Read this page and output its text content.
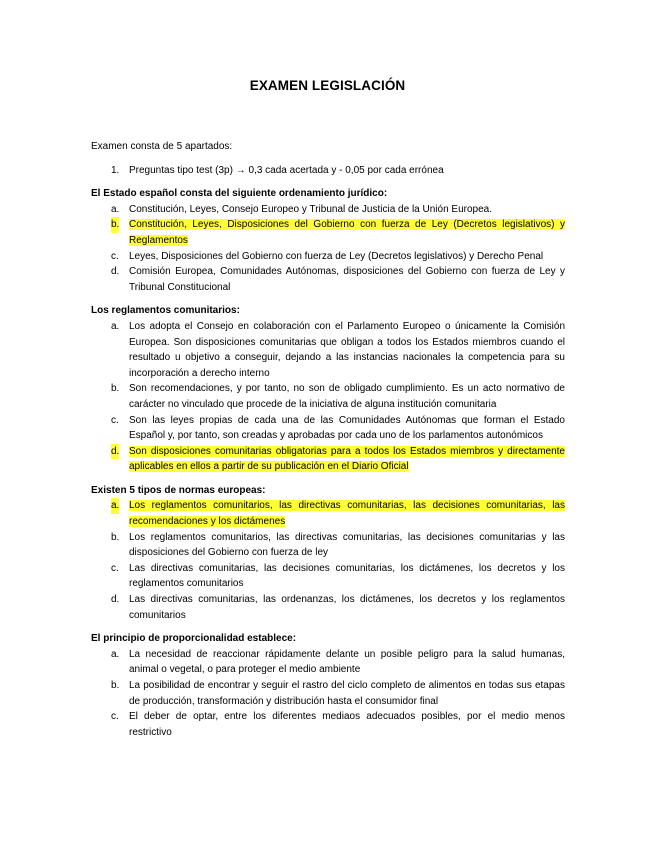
EXAMEN LEGISLACIÓN

Examen consta de 5 apartados:

1. Preguntas tipo test (3p) → 0,3 cada acertada y - 0,05 por cada errónea

El Estado español consta del siguiente ordenamiento jurídico:

a. Constitución, Leyes, Consejo Europeo y Tribunal de Justicia de la Unión Europea.
b. Constitución, Leyes, Disposiciones del Gobierno con fuerza de Ley (Decretos legislativos) y Reglamentos
c. Leyes, Disposiciones del Gobierno con fuerza de Ley (Decretos legislativos) y Derecho Penal
d. Comisión Europea, Comunidades Autónomas, disposiciones del Gobierno con fuerza de Ley y Tribunal Constitucional

Los reglamentos comunitarios:

a. Los adopta el Consejo en colaboración con el Parlamento Europeo o únicamente la Comisión Europea. Son disposiciones comunitarias que obligan a todos los Estados miembros cuando el resultado u objetivo a conseguir, dejando a las instancias nacionales la competencia para su incorporación a derecho interno
b. Son recomendaciones, y por tanto, no son de obligado cumplimiento. Es un acto normativo de carácter no vinculado que procede de la iniciativa de alguna institución comunitaria
c. Son las leyes propias de cada una de las Comunidades Autónomas que forman el Estado Español y, por tanto, son creadas y aprobadas por cada uno de los parlamentos autonómicos
d. Son disposiciones comunitarias obligatorias para a todos los Estados miembros y directamente aplicables en ellos a partir de su publicación en el Diario Oficial

Existen 5 tipos de normas europeas:

a. Los reglamentos comunitarios, las directivas comunitarias, las decisiones comunitarias, las recomendaciones y los dictámenes
b. Los reglamentos comunitarios, las directivas comunitarias, las decisiones comunitarias y las disposiciones del Gobierno con fuerza de ley
c. Las directivas comunitarias, las decisiones comunitarias, los dictámenes, los decretos y los reglamentos comunitarios
d. Las directivas comunitarias, las ordenanzas, los dictámenes, los decretos y los reglamentos comunitarios

El principio de proporcionalidad establece:

a. La necesidad de reaccionar rápidamente delante un posible peligro para la salud humanas, animal o vegetal, o para proteger el medio ambiente
b. La posibilidad de encontrar y seguir el rastro del ciclo completo de alimentos en todas sus etapas de producción, transformación y distribución hasta el consumidor final
c. El deber de optar, entre los diferentes mediaos adecuados posibles, por el medio menos restrictivo
